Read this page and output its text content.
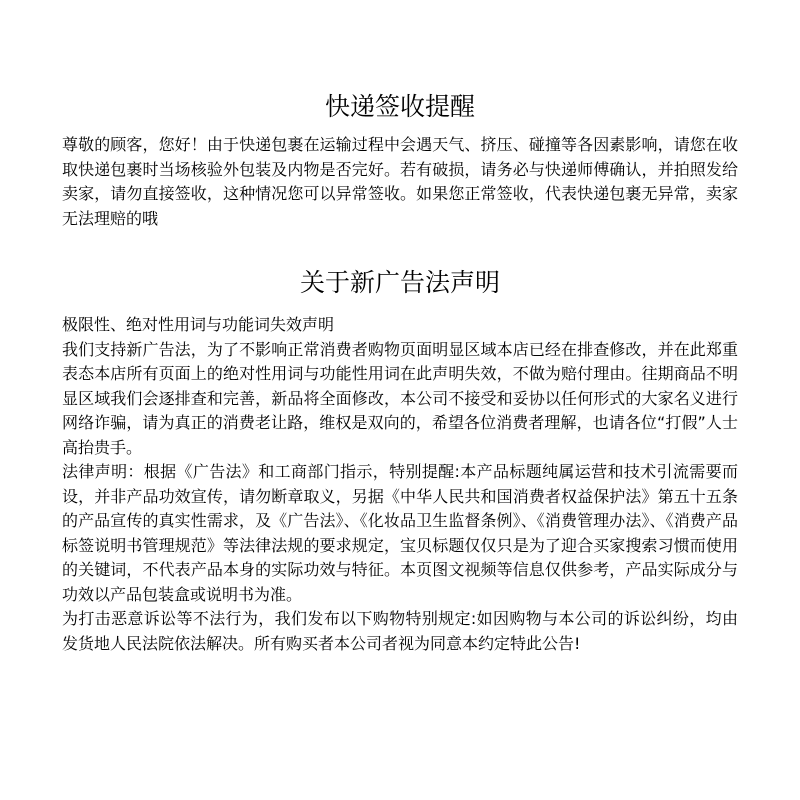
快递签收提醒

尊敬的顾客，您好！由于快递包裹在运输过程中会遇天气、挤压、碰撞等各因素影响，请您在收取快递包裹时当场核验外包装及内物是否完好。若有破损，请务必与快递师傅确认，并拍照发给卖家，请勿直接签收，这种情况您可以异常签收。如果您正常签收，代表快递包裹无异常，卖家无法理赔的哦

关于新广告法声明

极限性、绝对性用词与功能词失效声明

我们支持新广告法，为了不影响正常消费者购物页面明显区域本店已经在排查修改，并在此郑重表态本店所有页面上的绝对性用词与功能性用词在此声明失效，不做为赔付理由。往期商品不明显区域我们会逐排查和完善，新品将全面修改，本公司不接受和妥协以任何形式的大家名义进行网络诈骗，请为真正的消费老让路，维权是双向的，希望各位消费者理解，也请各位“打假”人士高抬贵手。

法律声明：根据《广告法》和工商部门指示，特别提醒:本产品标题纯属运营和技术引流需要而设，并非产品功效宣传，请勿断章取义，另据《中华人民共和国消费者权益保护法》第五十五条的产品宣传的真实性需求，及《广告法》、《化妆品卫生监督条例》、《消费管理办法》、《消费产品标签说明书管理规范》等法律法规的要求规定，宝贝标题仅仅只是为了迎合买家搜索习惯而使用的关键词，不代表产品本身的实际功效与特征。本页图文视频等信息仅供参考，产品实际成分与功效以产品包装盒或说明书为准。

为打击恶意诉讼等不法行为，我们发布以下购物特别规定:如因购物与本公司的诉讼纠纷，均由发货地人民法院依法解决。所有购买者本公司者视为同意本约定特此公告!
